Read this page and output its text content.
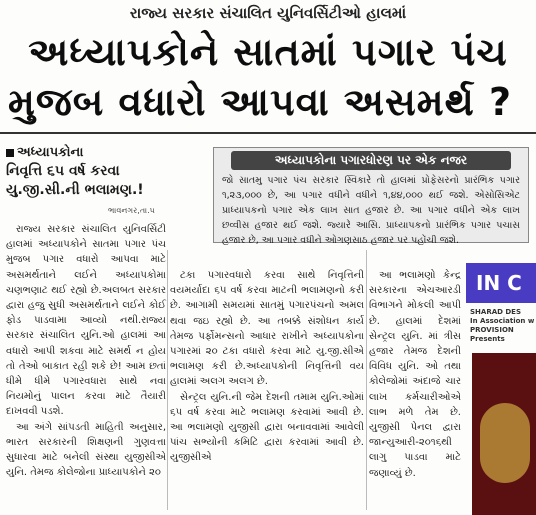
રાજ્ય સરકાર સંચાલિત યુનિવર્સિટીઓ હાલમાં
અધ્યાપકોને સાતમાં પગાર પંચ
મુજબ વધારો આપવા અસમર્થ ?
અધ્યાપકોના
નિવૃત્તિ ૬૫ વર્ષ કરવા
યુ.જી.સી.ની ભલામણ.!
ભાવનગર,તા.૫
અધ્યાપકોના પગારધોરણ પર એક નજર
જો સાતમુ પગાર પંચ સરકાર સ્વિકારે તો હાલમાં પ્રોફેસરનો પ્રારંભિક પગાર ૧,૨૩,૦૦૦ છે, આ પગાર વધીને વધીને ૧,૪૪,૦૦૦ થઈ જશે. એસોસિએટ પ્રાધ્યાપકનો પગાર એક લાખ સાત હજાર છે. આ પગાર વધીને એક લાખ છવ્વીસ હજાર થઈ જશે. જ્યારે આસિ. પ્રાધ્યાપકનો પ્રારંભિક પગાર પચાસ હજાર છે, આ પગાર વધીને ઓગણસાઠ હજાર પર પહોંચી જશે.

રાજ્ય સરકાર સંચાલિત યુનિવર્સિટી હાલમાં અધ્યાપકોને સાતમા પગાર પંચ મુજબ પગાર વધારો આપવા માટે અસમર્થતાને લઈને અધ્યાપકોમા ચણભણાટ થઈ રહ્યો છે.અલબત સરકાર દ્વારા હજુ સુધી અસમર્થતાને લઈને કોઈ ફોડ પાડવામા આવ્યો નથી.રાજ્ય સરકાર સંચાલિત યુનિ.ઓ હાલમાં આ વધારો આપી શકવા માટે સમર્થ ન હોય તો તેઓ બાકાત રહી શકે છે! આમ છતાં ધીમે ધીમે પગારવધારા સાથે નવા નિયમોનું પાલન કરવા માટે તૈયારી દાખવવી પડશે.

આ અંગે સાંપડતી માહિતી અનુસાર, ભારત સરકારની શિક્ષણની ગુણવત્તા સુધારવા માટે બનેલી સંસ્થા યુજીસીએ યુનિ. તેમજ કોલેજોના પ્રાધ્યાપકોને ૨૦

ટકા પગારવધારો કરવા સાથે નિવૃત્તિની વયમર્યાદા ૬૫ વર્ષ કરવા માટની ભલામણનો કરી છે. આગામી સમયમાં સાતમું પગારપંચનો અમલ થવા જઇ રહ્યો છે. આ તબક્કે સંશોધન કાર્ય તેમજ પર્ફોમન્સનો આધાર રાખીને અધ્યાપકોના પગારમાં ૨૦ ટકા વધારો કરવા માટે યુ.જી.સીએ ભલામણ કરી છે.અધ્યાપકોની નિવૃત્તિની વય હાલમાં અલગ અલગ છે.

સેન્ટ્રલ યુનિ.ની જેમ દેશની તમામ યુનિ.ઓમાં ૬૫ વર્ષ કરવા માટે ભલામણ કરવામાં આવી છે. આ ભલામણો યુજીસી દ્વારા બનાવવામાં આવેલી પાંચ સભ્યોની કમિટિ દ્વારા કરવામાં આવી છે. યુજીસીએ

આ ભલામણો કેન્દ્ર સરકારના એચઆરડી વિભાગને મોકલી આપી છે. હાલમાં દેશમાં સેન્ટ્રલ યુનિ. માં ત્રીસ હજાર તેમજ દેશની વિવિધ યુનિ. ઓ તથા કોલેજોમાં અંદાજે ચાર લાખ કર્મચારીઓએ લાભ મળે તેમ છે. યુજીસી પેનલ દ્વારા જાન્યુઆરી-૨૦૧૬થી લાગુ પાડવા માટે જણાવ્યું છે.

IN C
SHARAD DES
In Association w
PROVISION
Presents
